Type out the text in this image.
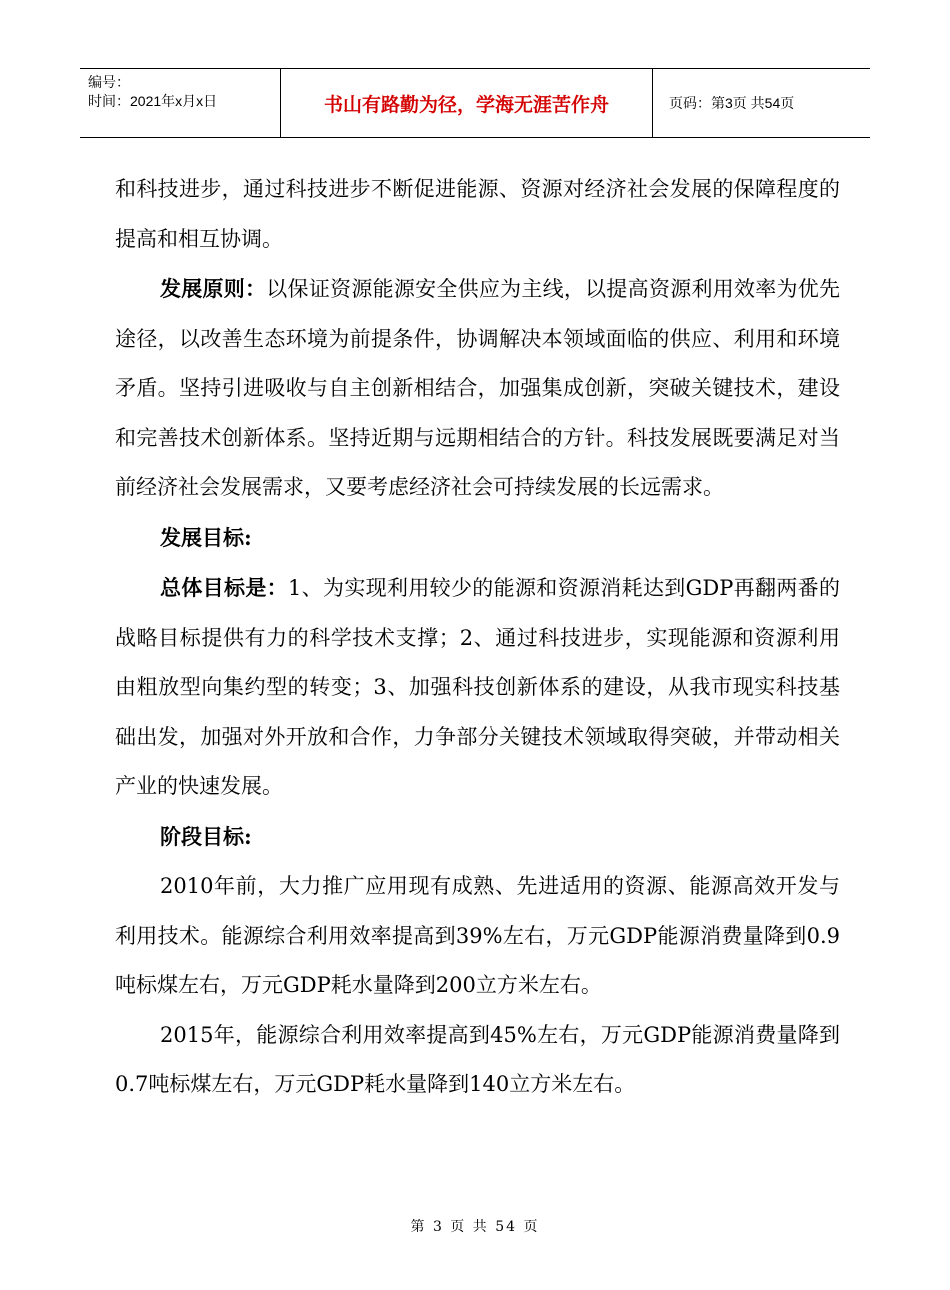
编号：
时间：2021年x月x日	书山有路勤为径，学海无涯苦作舟	页码：第3页 共54页

和科技进步，通过科技进步不断促进能源、资源对经济社会发展的保障程度的提高和相互协调。

发展原则：以保证资源能源安全供应为主线，以提高资源利用效率为优先途径，以改善生态环境为前提条件，协调解决本领域面临的供应、利用和环境矛盾。坚持引进吸收与自主创新相结合，加强集成创新，突破关键技术，建设和完善技术创新体系。坚持近期与远期相结合的方针。科技发展既要满足对当前经济社会发展需求，又要考虑经济社会可持续发展的长远需求。

发展目标:

总体目标是：1、为实现利用较少的能源和资源消耗达到GDP再翻两番的战略目标提供有力的科学技术支撑；2、通过科技进步，实现能源和资源利用由粗放型向集约型的转变；3、加强科技创新体系的建设，从我市现实科技基础出发，加强对外开放和合作，力争部分关键技术领域取得突破，并带动相关产业的快速发展。

阶段目标:

2010年前，大力推广应用现有成熟、先进适用的资源、能源高效开发与利用技术。能源综合利用效率提高到39%左右，万元GDP能源消费量降到0.9吨标煤左右，万元GDP耗水量降到200立方米左右。

2015年，能源综合利用效率提高到45%左右，万元GDP能源消费量降到0.7吨标煤左右，万元GDP耗水量降到140立方米左右。

第 3 页 共 54 页
